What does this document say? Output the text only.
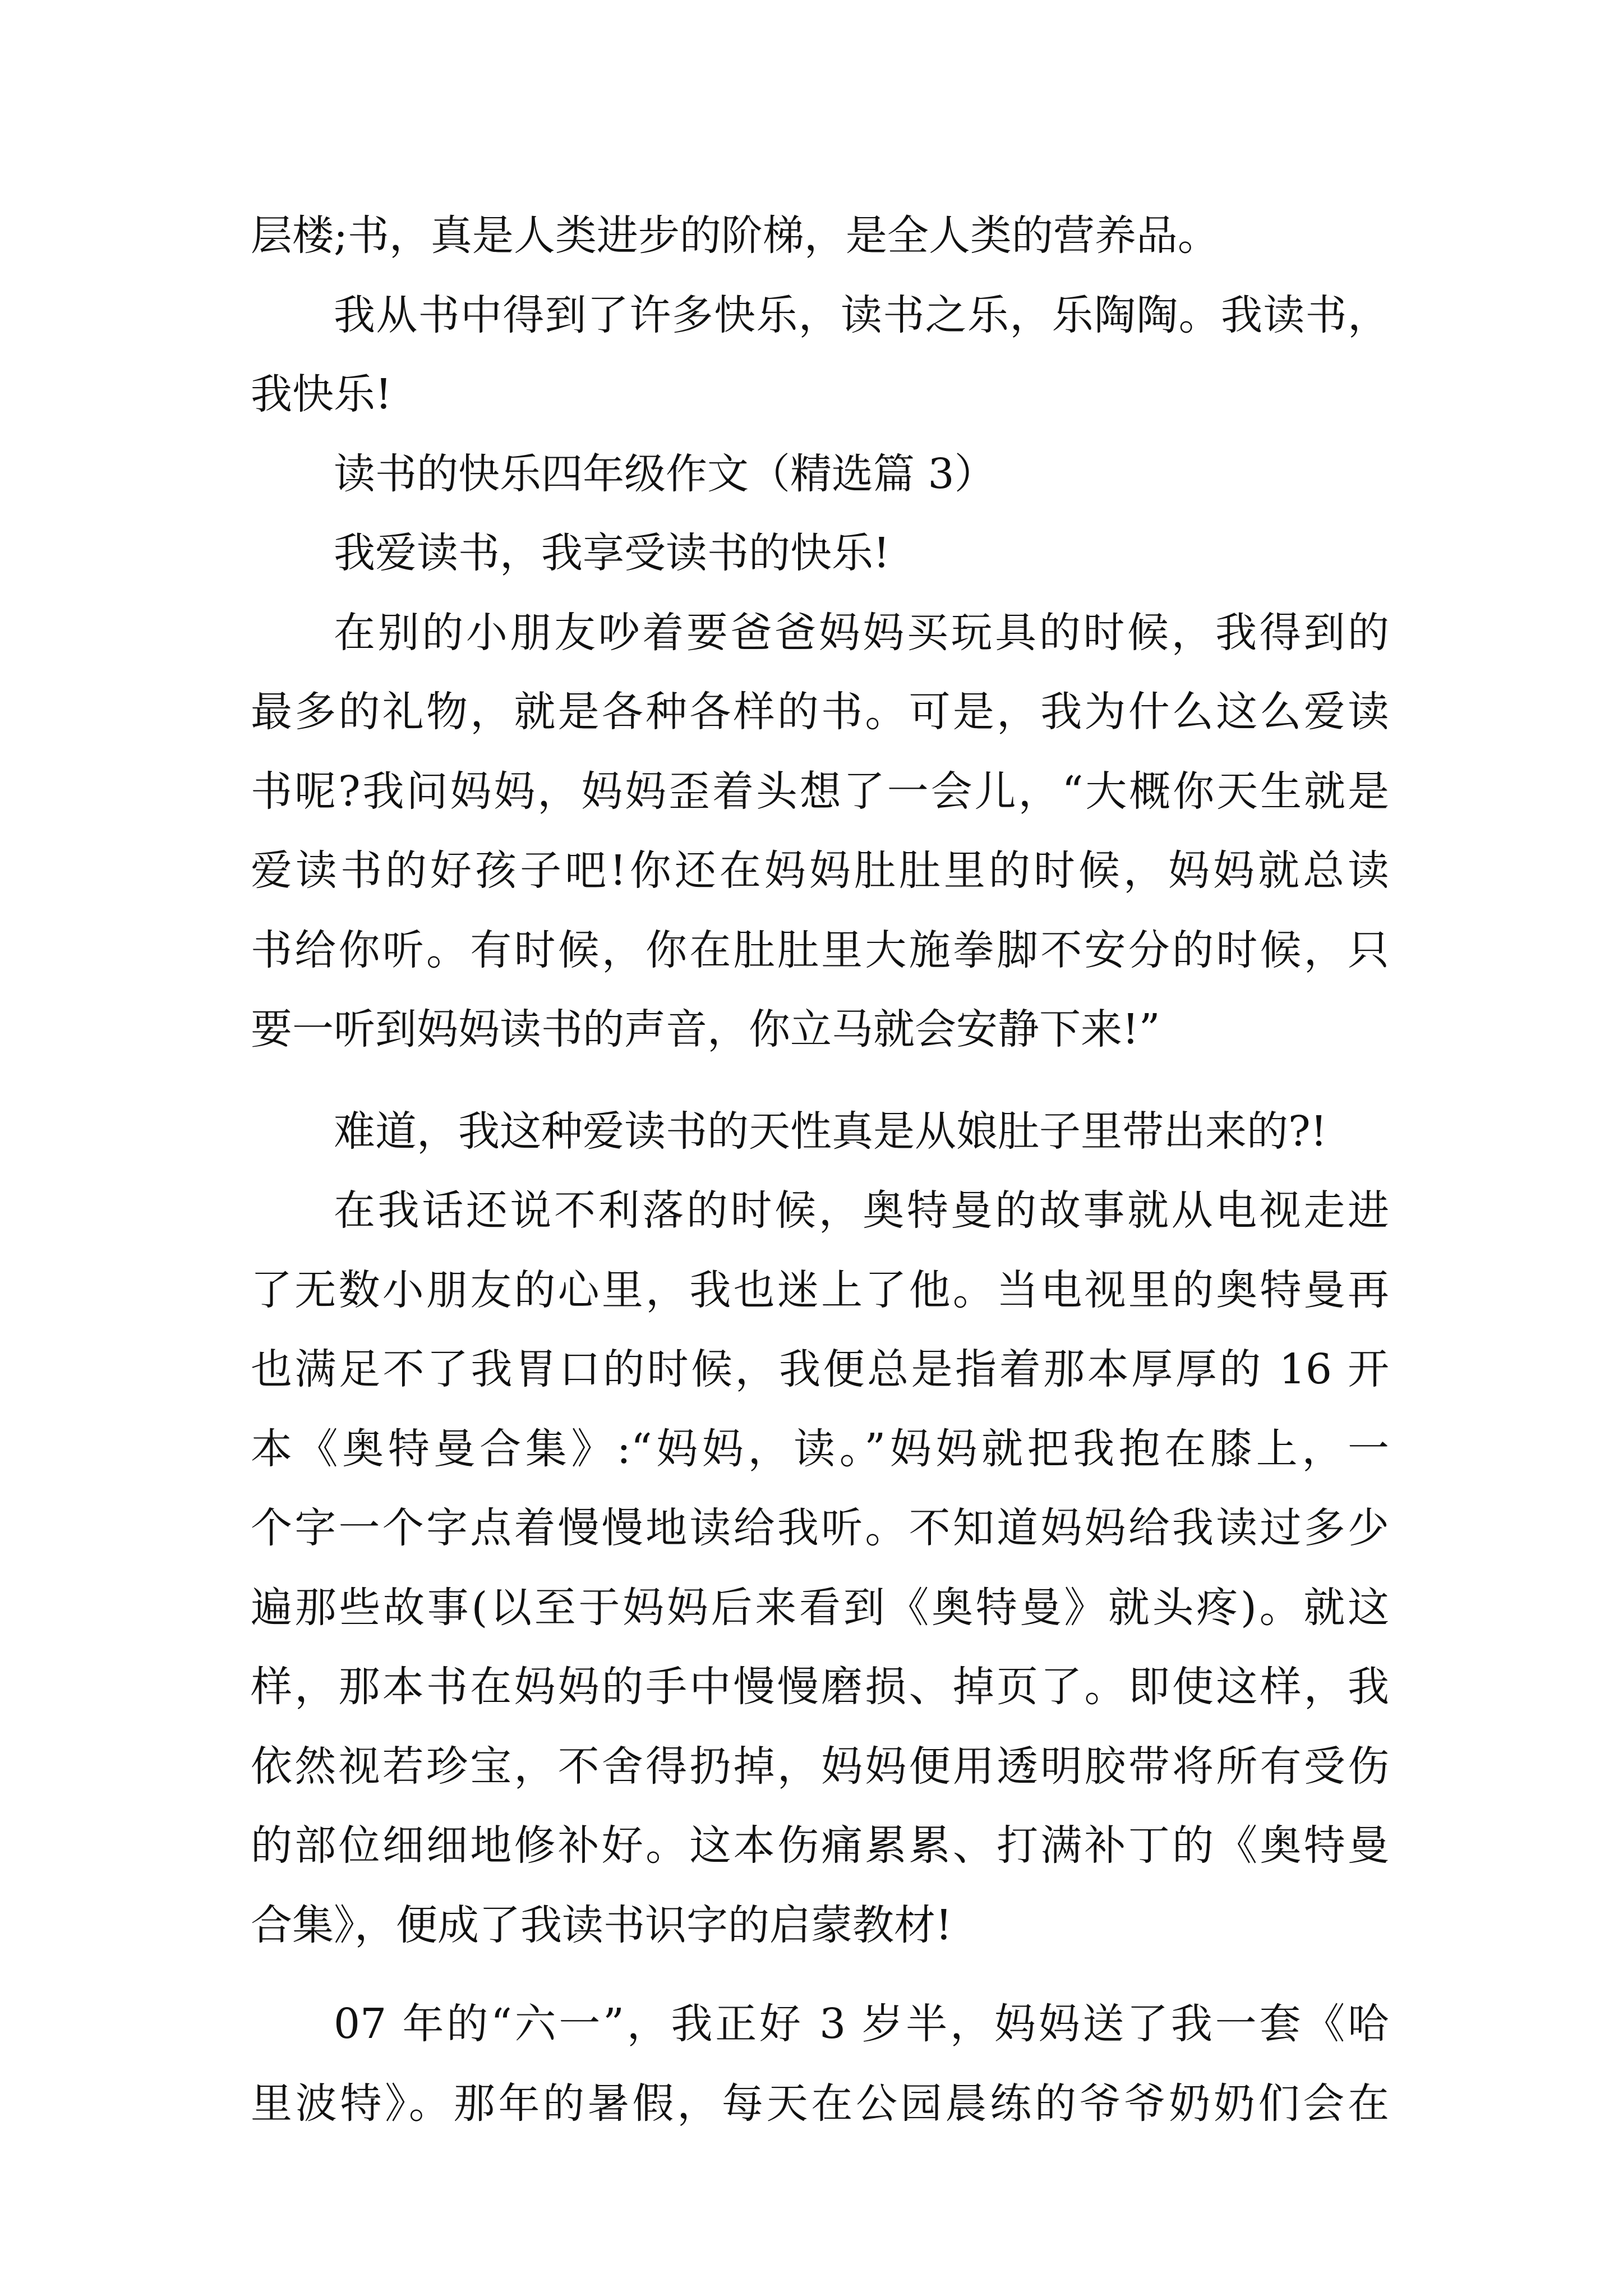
层楼;书，真是人类进步的阶梯，是全人类的营养品。
我从书中得到了许多快乐，读书之乐，乐陶陶。我读书，
我快乐!
读书的快乐四年级作文（精选篇 3）
我爱读书，我享受读书的快乐!
在别的小朋友吵着要爸爸妈妈买玩具的时候，我得到的
最多的礼物，就是各种各样的书。可是，我为什么这么爱读
书呢?我问妈妈，妈妈歪着头想了一会儿，“大概你天生就是
爱读书的好孩子吧!你还在妈妈肚肚里的时候，妈妈就总读
书给你听。有时候，你在肚肚里大施拳脚不安分的时候，只
要一听到妈妈读书的声音，你立马就会安静下来!”
难道，我这种爱读书的天性真是从娘肚子里带出来的?!
在我话还说不利落的时候，奥特曼的故事就从电视走进
了无数小朋友的心里，我也迷上了他。当电视里的奥特曼再
也满足不了我胃口的时候，我便总是指着那本厚厚的 16 开
本《奥特曼合集》:“妈妈，读。”妈妈就把我抱在膝上，一
个字一个字点着慢慢地读给我听。不知道妈妈给我读过多少
遍那些故事(以至于妈妈后来看到《奥特曼》就头疼)。就这
样，那本书在妈妈的手中慢慢磨损、掉页了。即使这样，我
依然视若珍宝，不舍得扔掉，妈妈便用透明胶带将所有受伤
的部位细细地修补好。这本伤痛累累、打满补丁的《奥特曼
合集》，便成了我读书识字的启蒙教材!
07 年的“六一”，我正好 3 岁半，妈妈送了我一套《哈
里波特》。那年的暑假，每天在公园晨练的爷爷奶奶们会在
